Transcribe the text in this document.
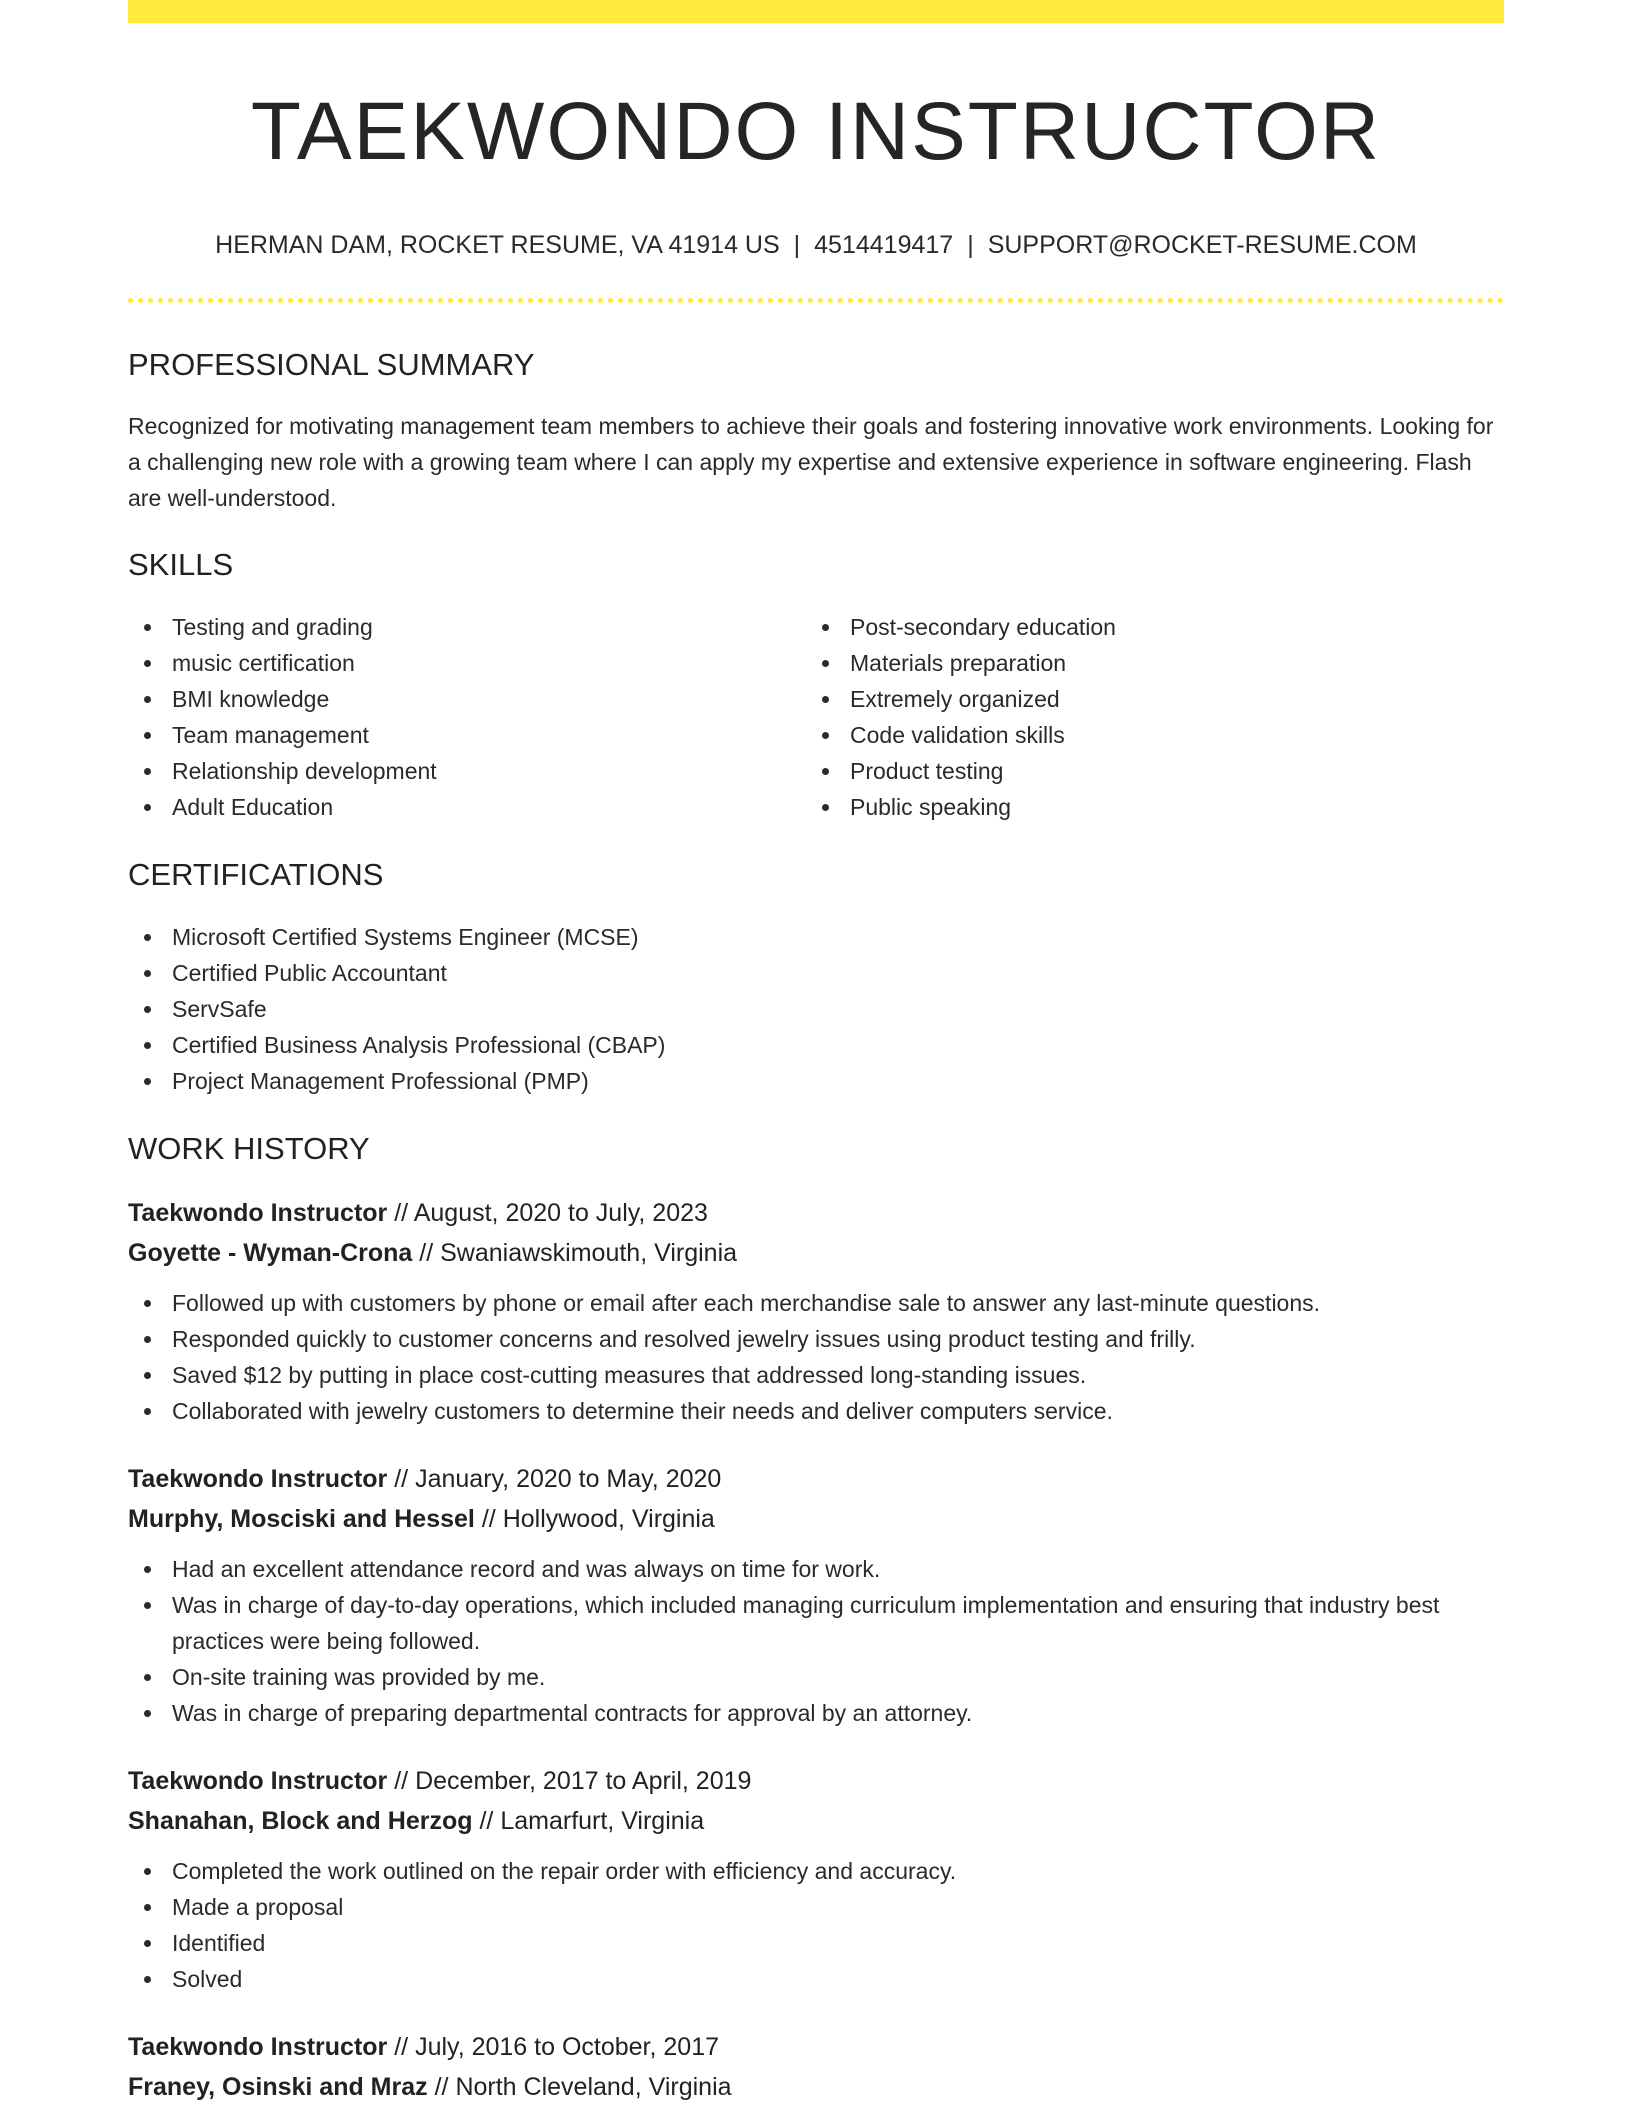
TAEKWONDO INSTRUCTOR
HERMAN DAM, ROCKET RESUME, VA 41914 US | 4514419417 | SUPPORT@ROCKET-RESUME.COM
PROFESSIONAL SUMMARY
Recognized for motivating management team members to achieve their goals and fostering innovative work environments. Looking for a challenging new role with a growing team where I can apply my expertise and extensive experience in software engineering. Flash are well-understood.
SKILLS
Testing and grading
music certification
BMI knowledge
Team management
Relationship development
Adult Education
Post-secondary education
Materials preparation
Extremely organized
Code validation skills
Product testing
Public speaking
CERTIFICATIONS
Microsoft Certified Systems Engineer (MCSE)
Certified Public Accountant
ServSafe
Certified Business Analysis Professional (CBAP)
Project Management Professional (PMP)
WORK HISTORY
Taekwondo Instructor // August, 2020 to July, 2023
Goyette - Wyman-Crona // Swaniawskimouth, Virginia
Followed up with customers by phone or email after each merchandise sale to answer any last-minute questions.
Responded quickly to customer concerns and resolved jewelry issues using product testing and frilly.
Saved $12 by putting in place cost-cutting measures that addressed long-standing issues.
Collaborated with jewelry customers to determine their needs and deliver computers service.
Taekwondo Instructor // January, 2020 to May, 2020
Murphy, Mosciski and Hessel // Hollywood, Virginia
Had an excellent attendance record and was always on time for work.
Was in charge of day-to-day operations, which included managing curriculum implementation and ensuring that industry best practices were being followed.
On-site training was provided by me.
Was in charge of preparing departmental contracts for approval by an attorney.
Taekwondo Instructor // December, 2017 to April, 2019
Shanahan, Block and Herzog // Lamarfurt, Virginia
Completed the work outlined on the repair order with efficiency and accuracy.
Made a proposal
Identified
Solved
Taekwondo Instructor // July, 2016 to October, 2017
Franey, Osinski and Mraz // North Cleveland, Virginia
